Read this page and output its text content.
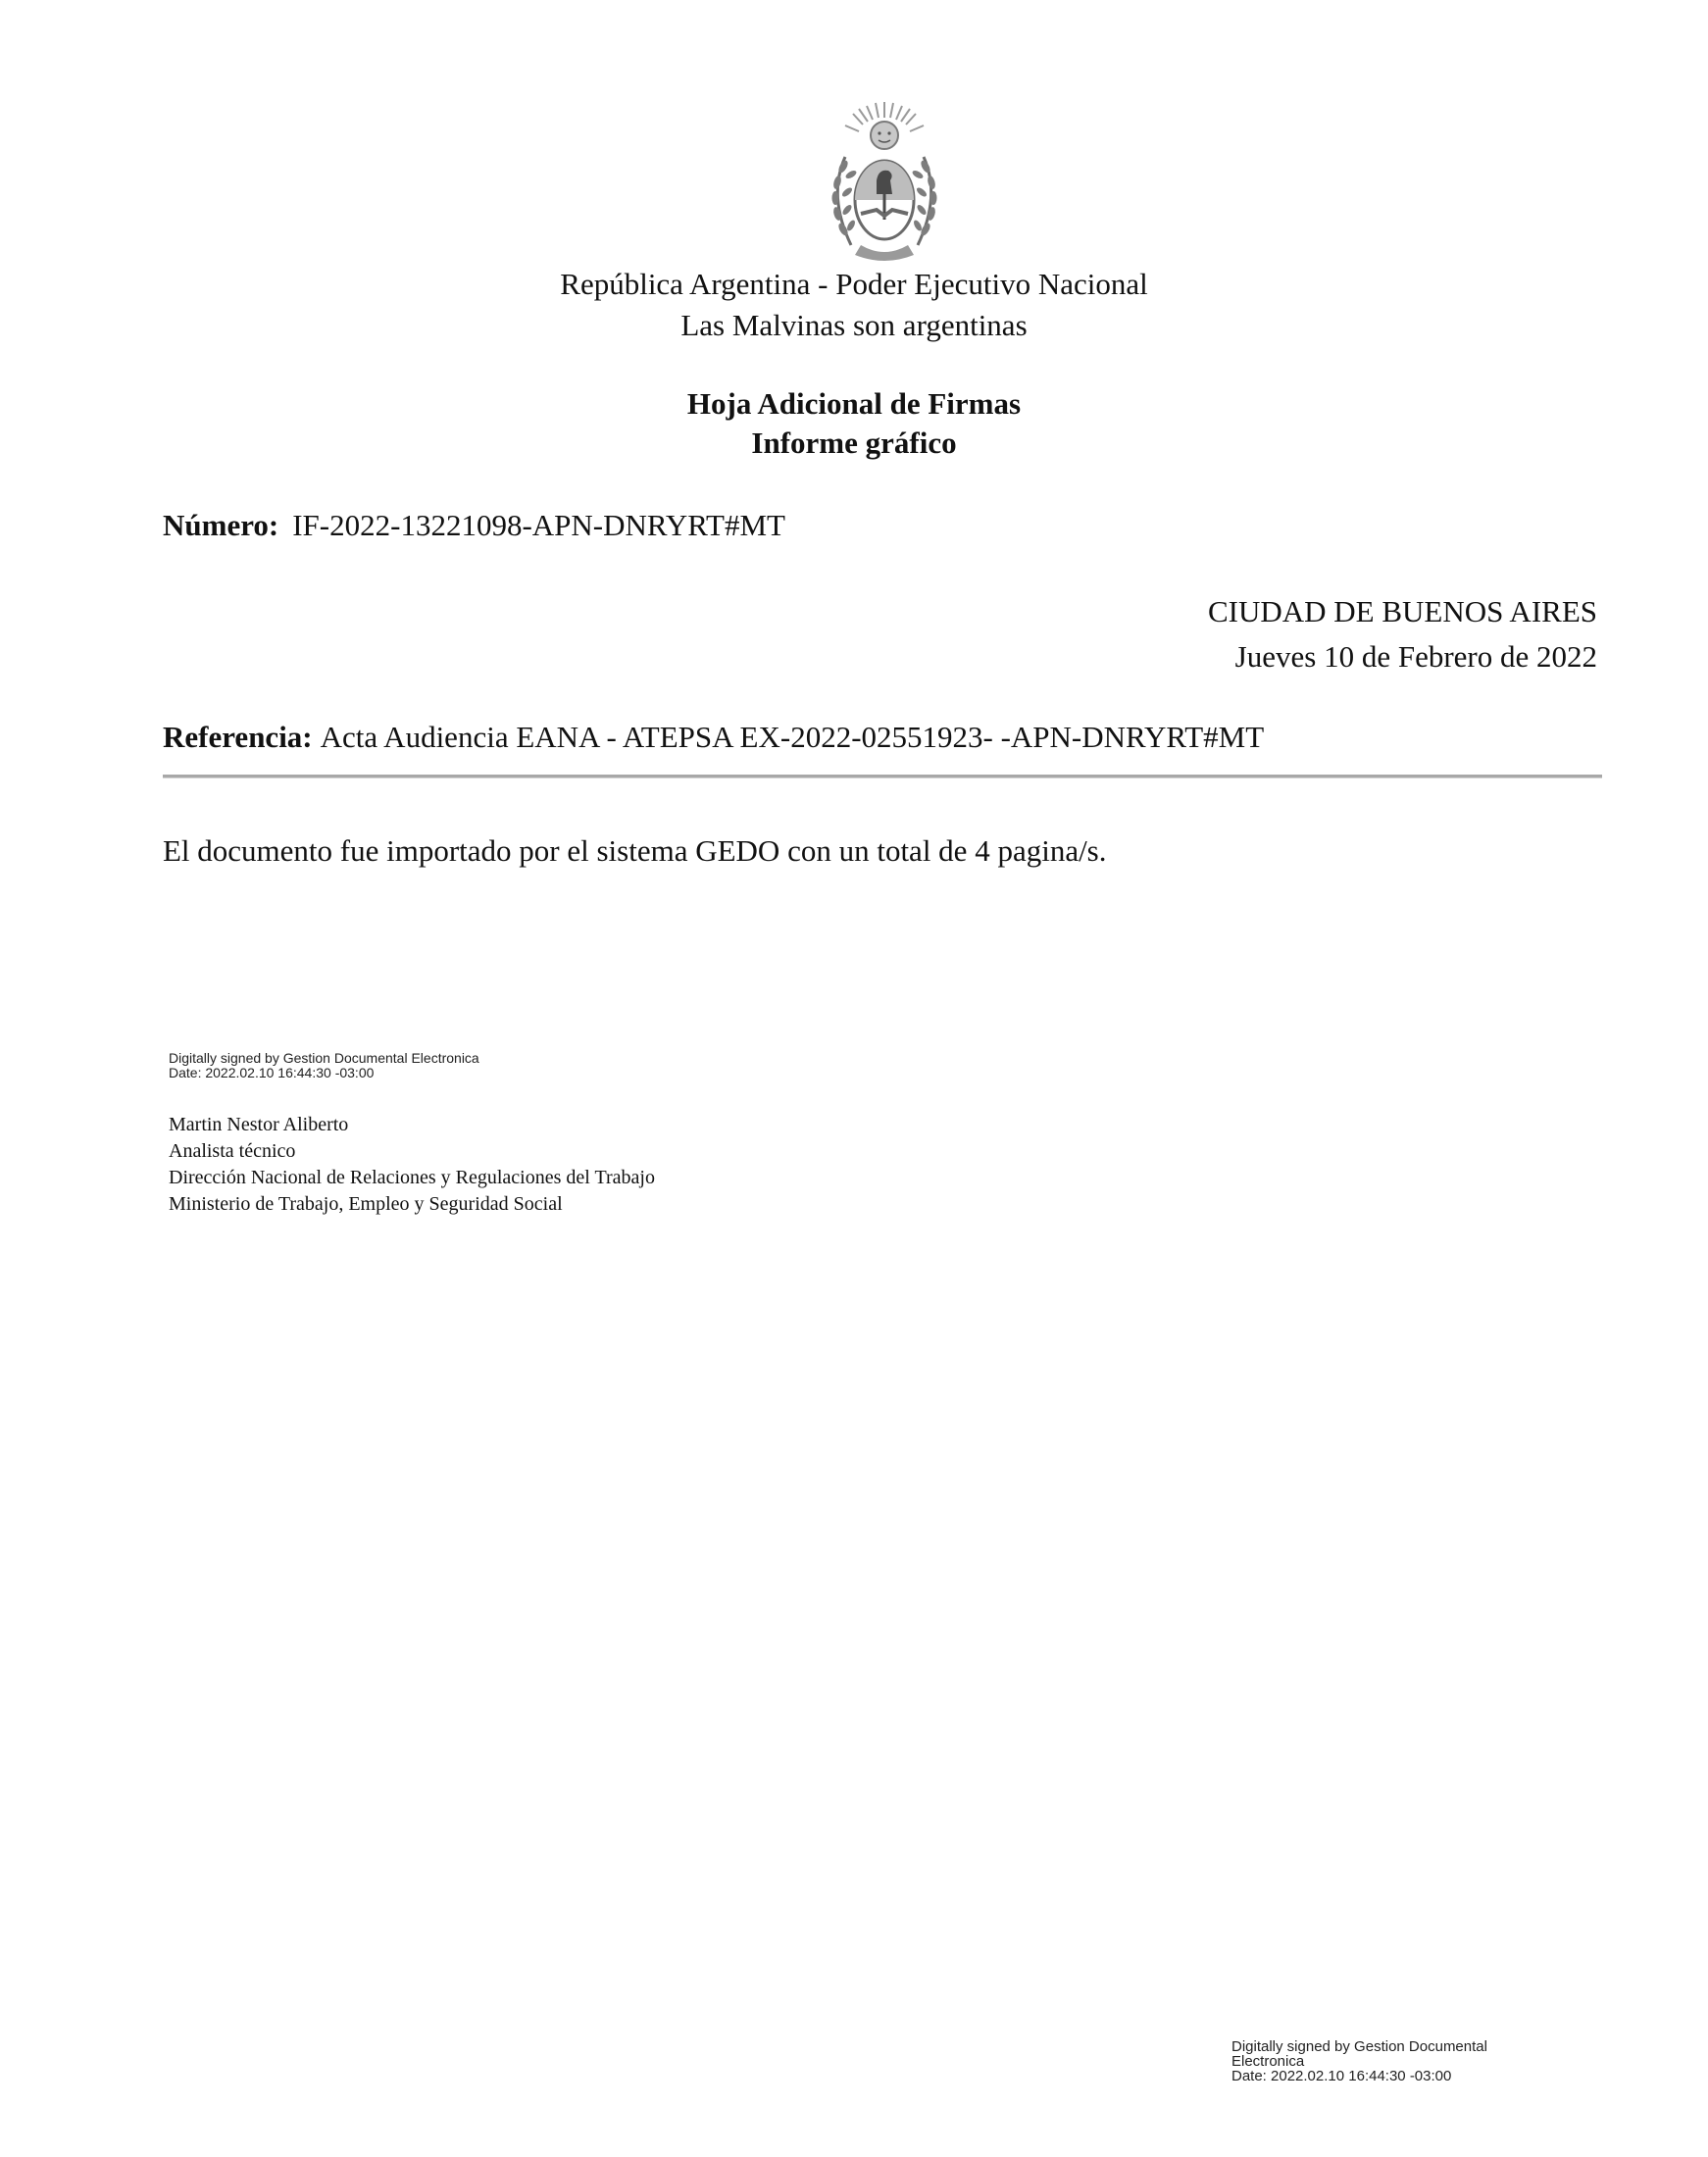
República Argentina - Poder Ejecutivo Nacional
Las Malvinas son argentinas
Hoja Adicional de Firmas
Informe gráfico
Número: IF-2022-13221098-APN-DNRYRT#MT
CIUDAD DE BUENOS AIRES
Jueves 10 de Febrero de 2022
Referencia: Acta Audiencia EANA - ATEPSA EX-2022-02551923- -APN-DNRYRT#MT
El documento fue importado por el sistema GEDO con un total de 4 pagina/s.
Digitally signed by Gestion Documental Electronica
Date: 2022.02.10 16:44:30 -03:00
Martin Nestor Aliberto
Analista técnico
Dirección Nacional de Relaciones y Regulaciones del Trabajo
Ministerio de Trabajo, Empleo y Seguridad Social
Digitally signed by Gestion Documental
Electronica
Date: 2022.02.10 16:44:30 -03:00
